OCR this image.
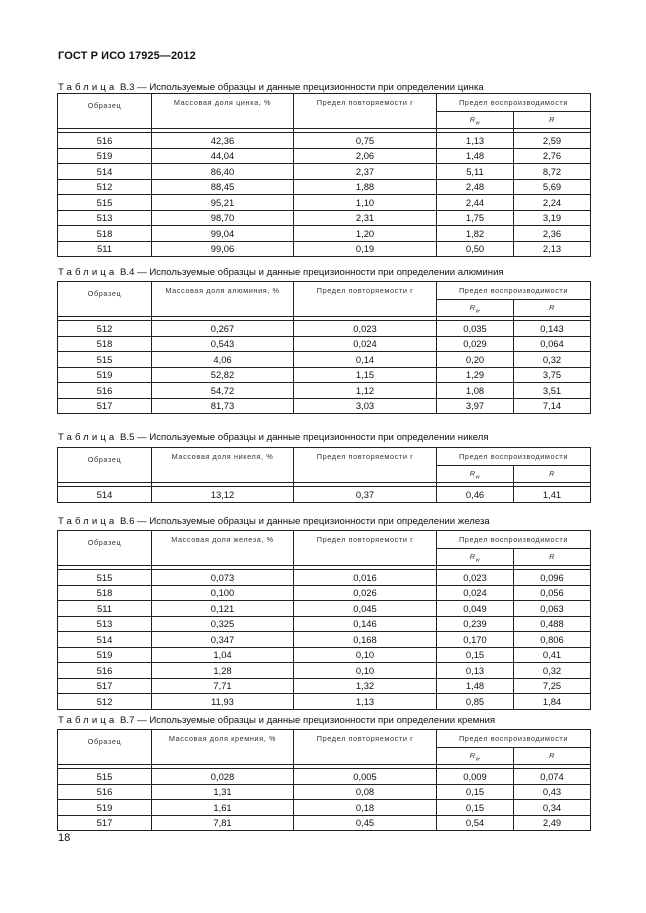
ГОСТ Р ИСО 17925—2012
Таблица В.3 — Используемые образцы и данные прецизионности при определении цинка
Образец	Массовая доля цинка, %	Предел повторяемости r	Предел воспроизводимости	
			$R_w$	R

516	42,36	0,75	1,13	2,59
519	44,04	2,06	1,48	2,76
514	86,40	2,37	5,11	8,72
512	88,45	1,88	2,48	5,69
515	95,21	1,10	2,44	2,24
513	98,70	2,31	1,75	3,19
518	99,04	1,20	1,82	2,36
511	99,06	0,19	0,50	2,13
Таблица В.4 — Используемые образцы и данные прецизионности при определении алюминия
Образец	Массовая доля алюминия, %	Предел повторяемости r	Предел воспроизводимости	
			$R_w$	R

512	0,267	0,023	0,035	0,143
518	0,543	0,024	0,029	0,064
515	4,06	0,14	0,20	0,32
519	52,82	1,15	1,29	3,75
516	54,72	1,12	1,08	3,51
517	81,73	3,03	3,97	7,14
Таблица В.5 — Используемые образцы и данные прецизионности при определении никеля
Образец	Массовая доля никеля, %	Предел повторяемости r	Предел воспроизводимости	
			$R_w$	R

514	13,12	0,37	0,46	1,41
Таблица В.6 — Используемые образцы и данные прецизионности при определении железа
Образец	Массовая доля железа, %	Предел повторяемости r	Предел воспроизводимости	
			$R_w$	R

515	0,073	0,016	0,023	0,096
518	0,100	0,026	0,024	0,056
511	0,121	0,045	0,049	0,063
513	0,325	0,146	0,239	0,488
514	0,347	0,168	0,170	0,806
519	1,04	0,10	0,15	0,41
516	1,28	0,10	0,13	0,32
517	7,71	1,32	1,48	7,25
512	11,93	1,13	0,85	1,84
Таблица В.7 — Используемые образцы и данные прецизионности при определении кремния
Образец	Массовая доля кремния, %	Предел повторяемости r	Предел воспроизводимости	
			$R_w$	R

515	0,028	0,005	0,009	0,074
516	1,31	0,08	0,15	0,43
519	1,61	0,18	0,15	0,34
517	7,81	0,45	0,54	2,49
18
